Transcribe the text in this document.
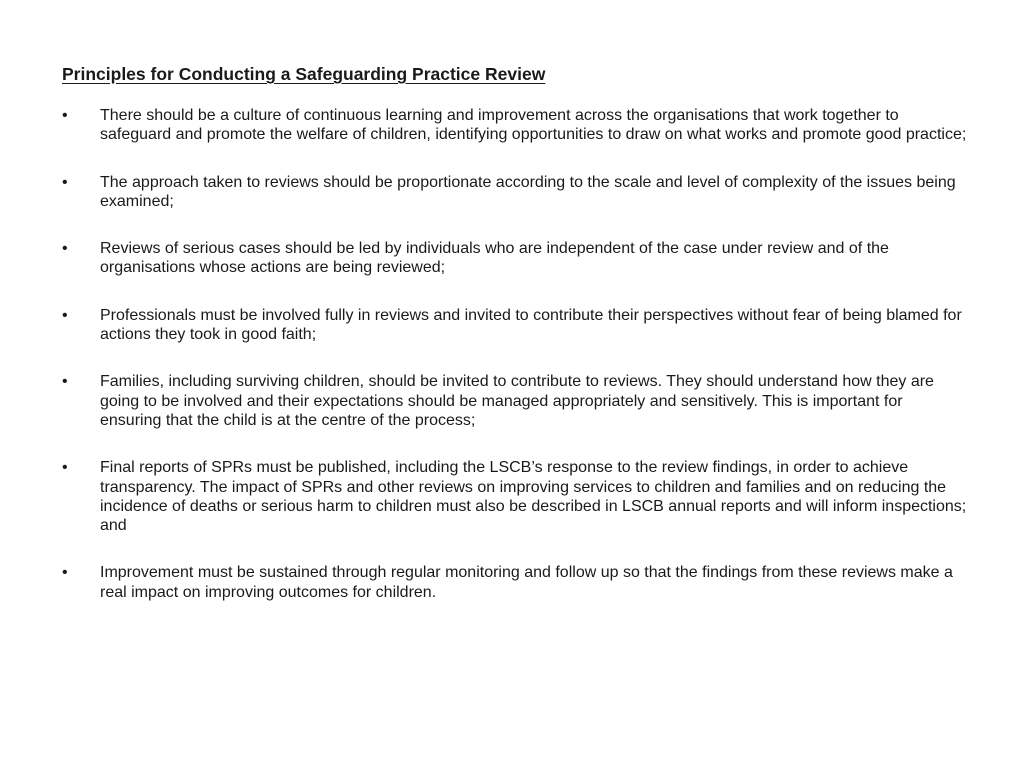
Principles for Conducting a Safeguarding Practice Review
•	There should be a culture of continuous learning and improvement across the organisations that work together to safeguard and promote the welfare of children, identifying opportunities to draw on what works and promote good practice;
•	The approach taken to reviews should be proportionate according to the scale and level of complexity of the issues being examined;
•	Reviews of serious cases should be led by individuals who are independent of the case under review and of the organisations whose actions are being reviewed;
•	Professionals must be involved fully in reviews and invited to contribute their perspectives without fear of being blamed for actions they took in good faith;
•	Families, including surviving children, should be invited to contribute to reviews. They should understand how they are going to be involved and their expectations should be managed appropriately and sensitively. This is important for ensuring that the child is at the centre of the process;
•	Final reports of SPRs must be published, including the LSCB’s response to the review findings, in order to achieve transparency. The impact of SPRs and other reviews on improving services to children and families and on reducing the incidence of deaths or serious harm to children must also be described in LSCB annual reports and will inform inspections; and
•	Improvement must be sustained through regular monitoring and follow up so that the findings from these reviews make a real impact on improving outcomes for children.
